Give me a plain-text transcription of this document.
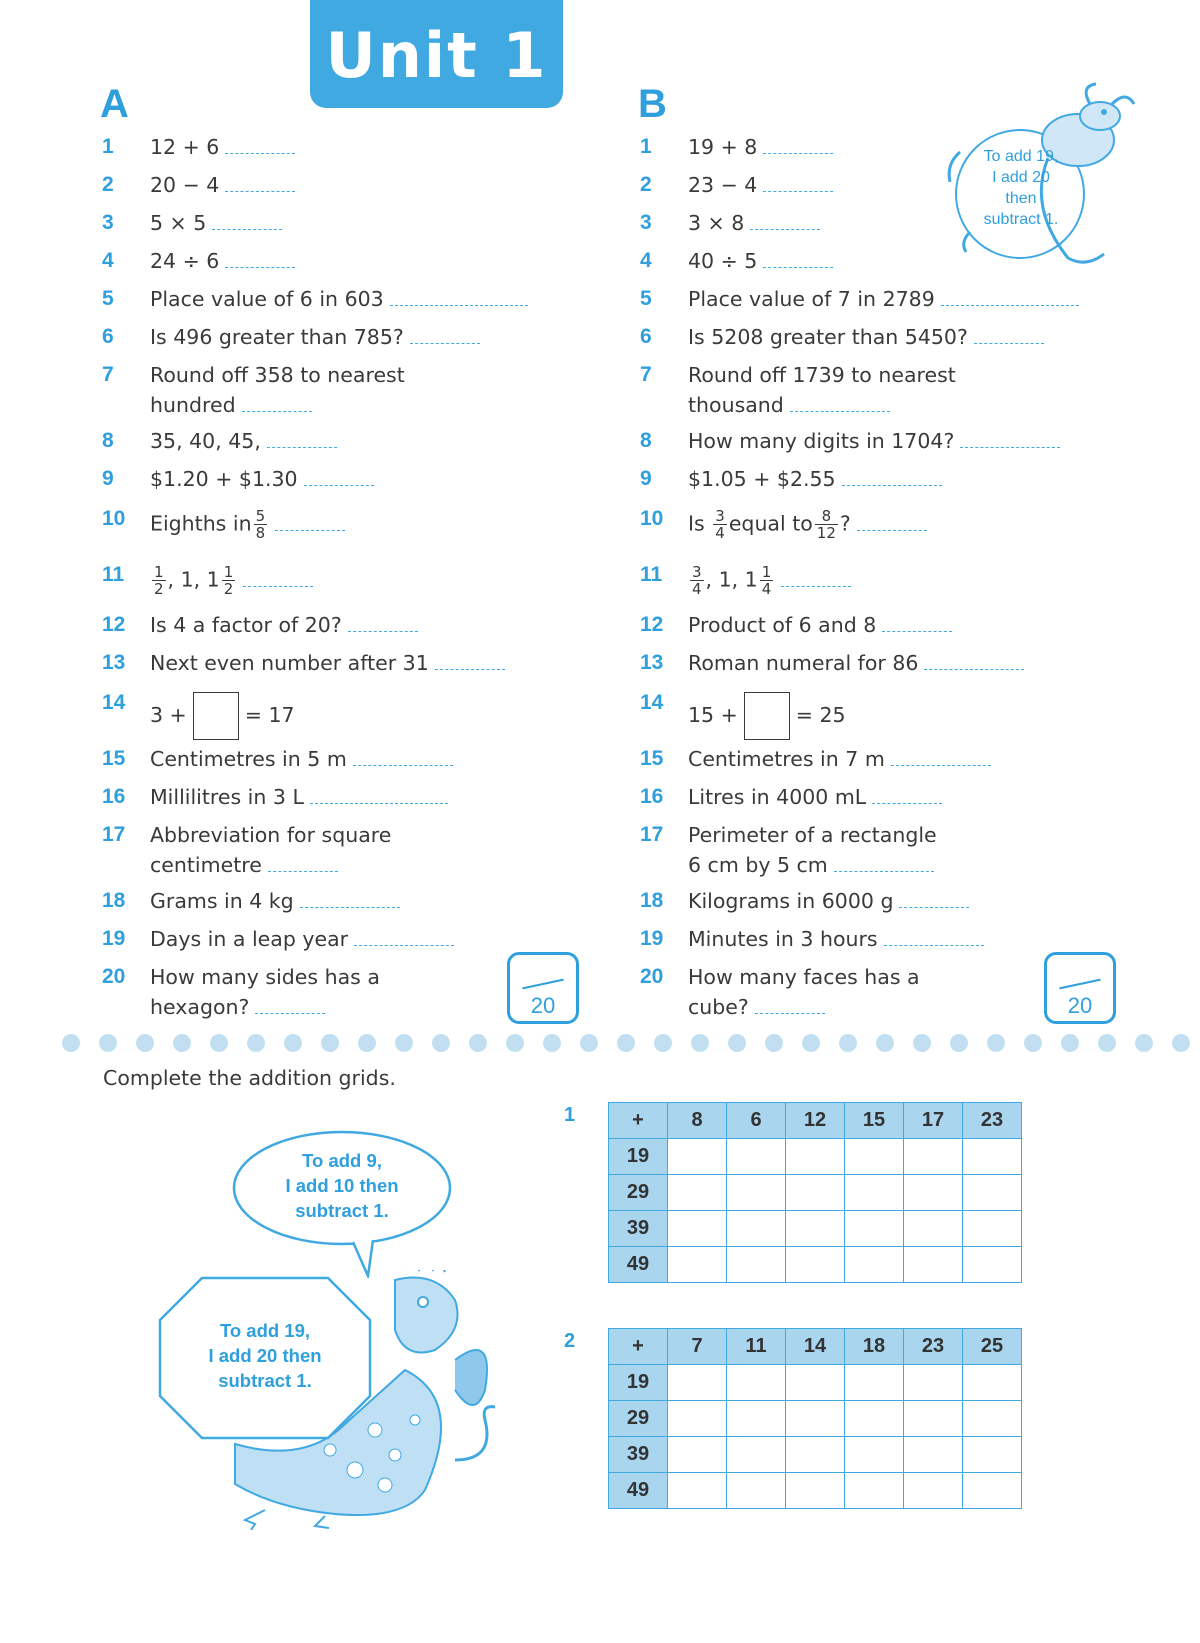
Unit 1
A	B
1 12 + 6
2 20 − 4
3 5 × 5
4 24 ÷ 6
5 Place value of 6 in 603
6 Is 496 greater than 785?
7 Round off 358 to nearest
hundred
8 35, 40, 45,
9 $1.20 + $1.30
10 Eighths in $\frac{5}{8}$
$11 \frac{1}{2}$ , 1, $1 \frac{1}{2}$
12 Is 4 a factor of 20?
13 Next even number after 31
14
3 +	= 17
15 Centimetres in 5 m
16 Millilitres in 3 L
17 Abbreviation for square
centimetre
18 Grams in 4 kg
19 Days in a leap year
20 How many sides has a
hexagon?
1 19 + 8
2 23 − 4
3 3 × 8
4 40 ÷ 5
5 Place value of 7 in 2789
6 Is 5208 greater than 5450?
7 Round off 1739 to nearest
thousand
8 How many digits in 1704?
9 $1.05 + $2.55
10 Is $\frac{3}{4}$ equal to $\frac{8}{12}$ ?
$11 \frac{3}{4}$ , 1, $1 \frac{1}{4}$
12 Product of 6 and 8
13 Roman numeral for 86
14
15 +	= 25
15 Centimetres in 7 m
16 Litres in 4000 mL
17 Perimeter of a rectangle
6 cm by 5 cm
18 Kilograms in 6000 g
19 Minutes in 3 hours
20 How many faces has a
cube?
20	20
To add 19,
I add 20
then
subtract 1.
Complete the addition grids.
To add 9,
I add 10 then
subtract 1.
To add 19,
I add 20 then
subtract 1.
1	+	8	6	12	15	17	23
19						
29						
39						
49						
2	+	7	11	14	18	23	25
19						
29						
39						
49						
